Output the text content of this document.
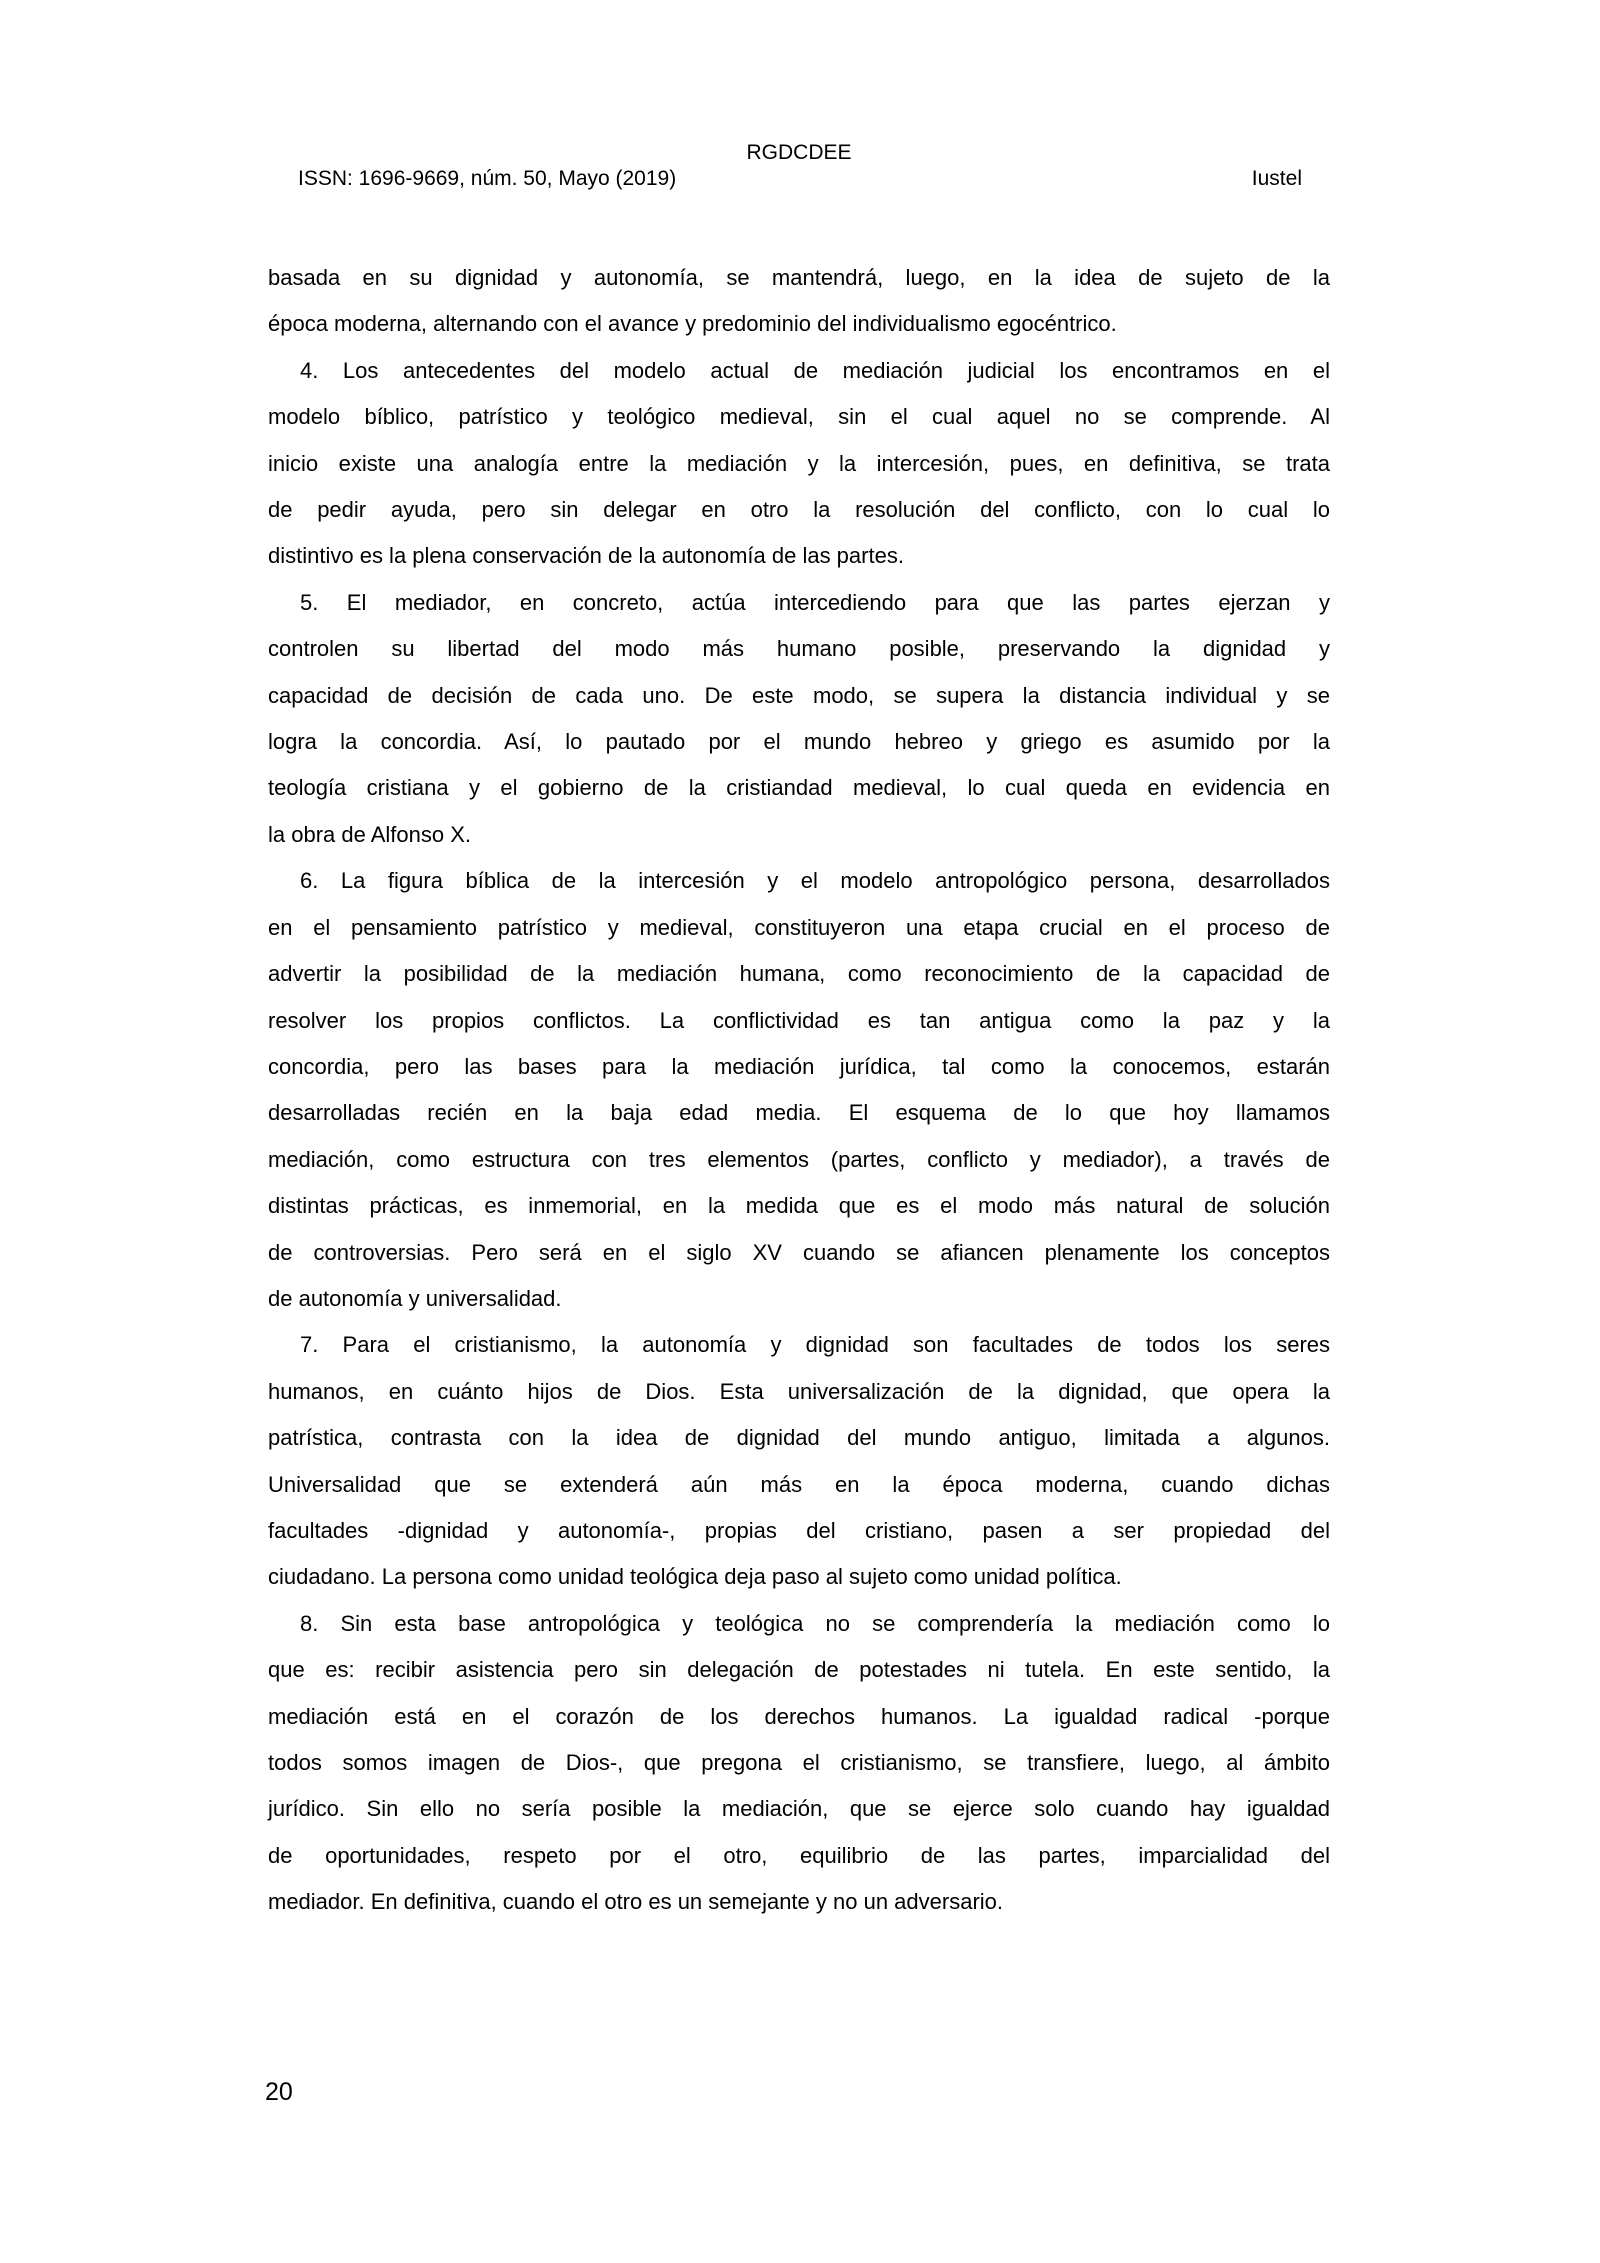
RGDCDEE
ISSN: 1696-9669, núm. 50, Mayo (2019)	Iustel
basada en su dignidad y autonomía, se mantendrá, luego, en la idea de sujeto de la
época moderna, alternando con el avance y predominio del individualismo egocéntrico.
4. Los antecedentes del modelo actual de mediación judicial los encontramos en el
modelo bíblico, patrístico y teológico medieval, sin el cual aquel no se comprende. Al
inicio existe una analogía entre la mediación y la intercesión, pues, en definitiva, se trata
de pedir ayuda, pero sin delegar en otro la resolución del conflicto, con lo cual lo
distintivo es la plena conservación de la autonomía de las partes.
5. El mediador, en concreto, actúa intercediendo para que las partes ejerzan y
controlen su libertad del modo más humano posible, preservando la dignidad y
capacidad de decisión de cada uno. De este modo, se supera la distancia individual y se
logra la concordia. Así, lo pautado por el mundo hebreo y griego es asumido por la
teología cristiana y el gobierno de la cristiandad medieval, lo cual queda en evidencia en
la obra de Alfonso X.
6. La figura bíblica de la intercesión y el modelo antropológico persona, desarrollados
en el pensamiento patrístico y medieval, constituyeron una etapa crucial en el proceso de
advertir la posibilidad de la mediación humana, como reconocimiento de la capacidad de
resolver los propios conflictos. La conflictividad es tan antigua como la paz y la
concordia, pero las bases para la mediación jurídica, tal como la conocemos, estarán
desarrolladas recién en la baja edad media. El esquema de lo que hoy llamamos
mediación, como estructura con tres elementos (partes, conflicto y mediador), a través de
distintas prácticas, es inmemorial, en la medida que es el modo más natural de solución
de controversias. Pero será en el siglo XV cuando se afiancen plenamente los conceptos
de autonomía y universalidad.
7. Para el cristianismo, la autonomía y dignidad son facultades de todos los seres
humanos, en cuánto hijos de Dios. Esta universalización de la dignidad, que opera la
patrística, contrasta con la idea de dignidad del mundo antiguo, limitada a algunos.
Universalidad que se extenderá aún más en la época moderna, cuando dichas
facultades -dignidad y autonomía-, propias del cristiano, pasen a ser propiedad del
ciudadano. La persona como unidad teológica deja paso al sujeto como unidad política.
8. Sin esta base antropológica y teológica no se comprendería la mediación como lo
que es: recibir asistencia pero sin delegación de potestades ni tutela. En este sentido, la
mediación está en el corazón de los derechos humanos. La igualdad radical -porque
todos somos imagen de Dios-, que pregona el cristianismo, se transfiere, luego, al ámbito
jurídico. Sin ello no sería posible la mediación, que se ejerce solo cuando hay igualdad
de oportunidades, respeto por el otro, equilibrio de las partes, imparcialidad del
mediador. En definitiva, cuando el otro es un semejante y no un adversario.
20
